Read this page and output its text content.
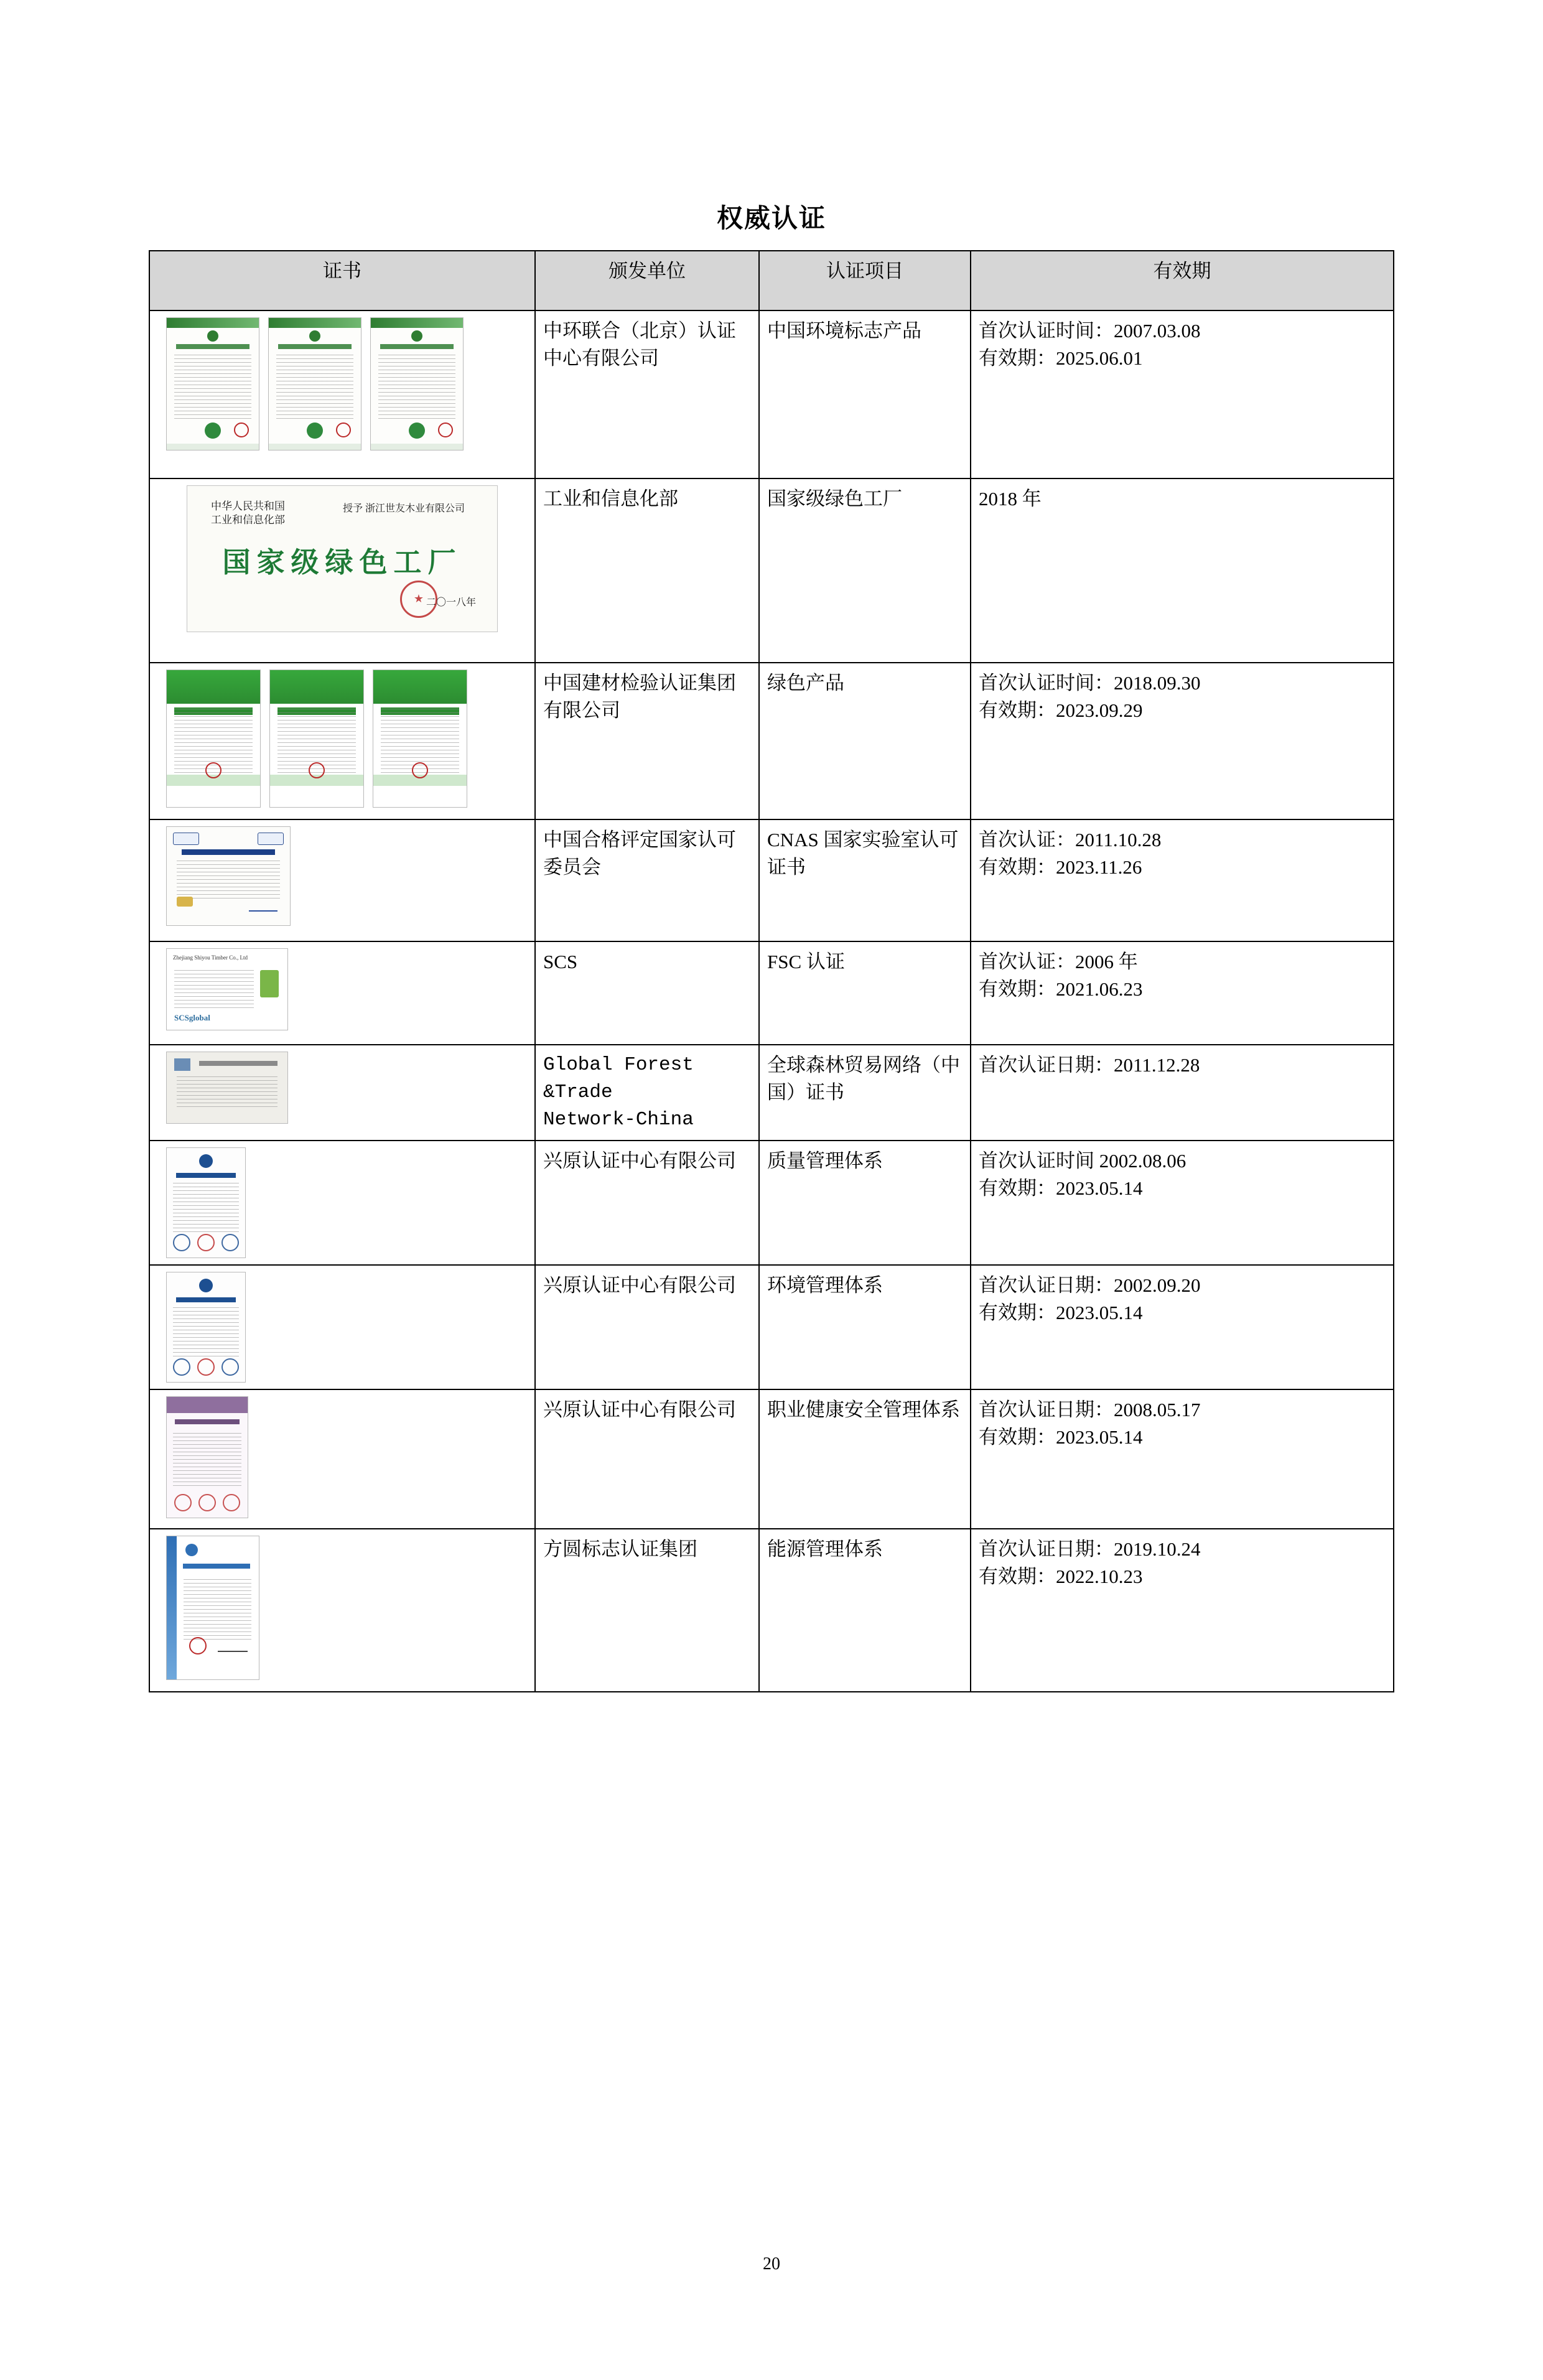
权威认证
证书	颁发单位	认证项目	有效期

	中环联合（北京）认证中心有限公司	中国环境标志产品	首次认证时间：2007.03.08
有效期：2025.06.01

中华人民共和国
工业和信息化部
授予 浙江世友木业有限公司
国家级绿色工厂
★
二〇一八年	工业和信息化部	国家级绿色工厂	2018 年

	中国建材检验认证集团有限公司	绿色产品	首次认证时间：2018.09.30
有效期：2023.09.29

	中国合格评定国家认可委员会	CNAS 国家实验室认可证书	首次认证：2011.10.28
有效期：2023.11.26

Zhejiang Shiyou Timber Co., Ltd
SCSglobal
	SCS	FSC 认证	首次认证：2006 年
有效期：2021.06.23

	Global Forest
&Trade
Network-China	全球森林贸易网络（中国）证书	首次认证日期：2011.12.28

	兴原认证中心有限公司	质量管理体系	首次认证时间 2002.08.06
有效期：2023.05.14

	兴原认证中心有限公司	环境管理体系	首次认证日期：2002.09.20
有效期：2023.05.14

	兴原认证中心有限公司	职业健康安全管理体系	首次认证日期：2008.05.17
有效期：2023.05.14

	方圆标志认证集团	能源管理体系	首次认证日期：2019.10.24
有效期：2022.10.23
20
